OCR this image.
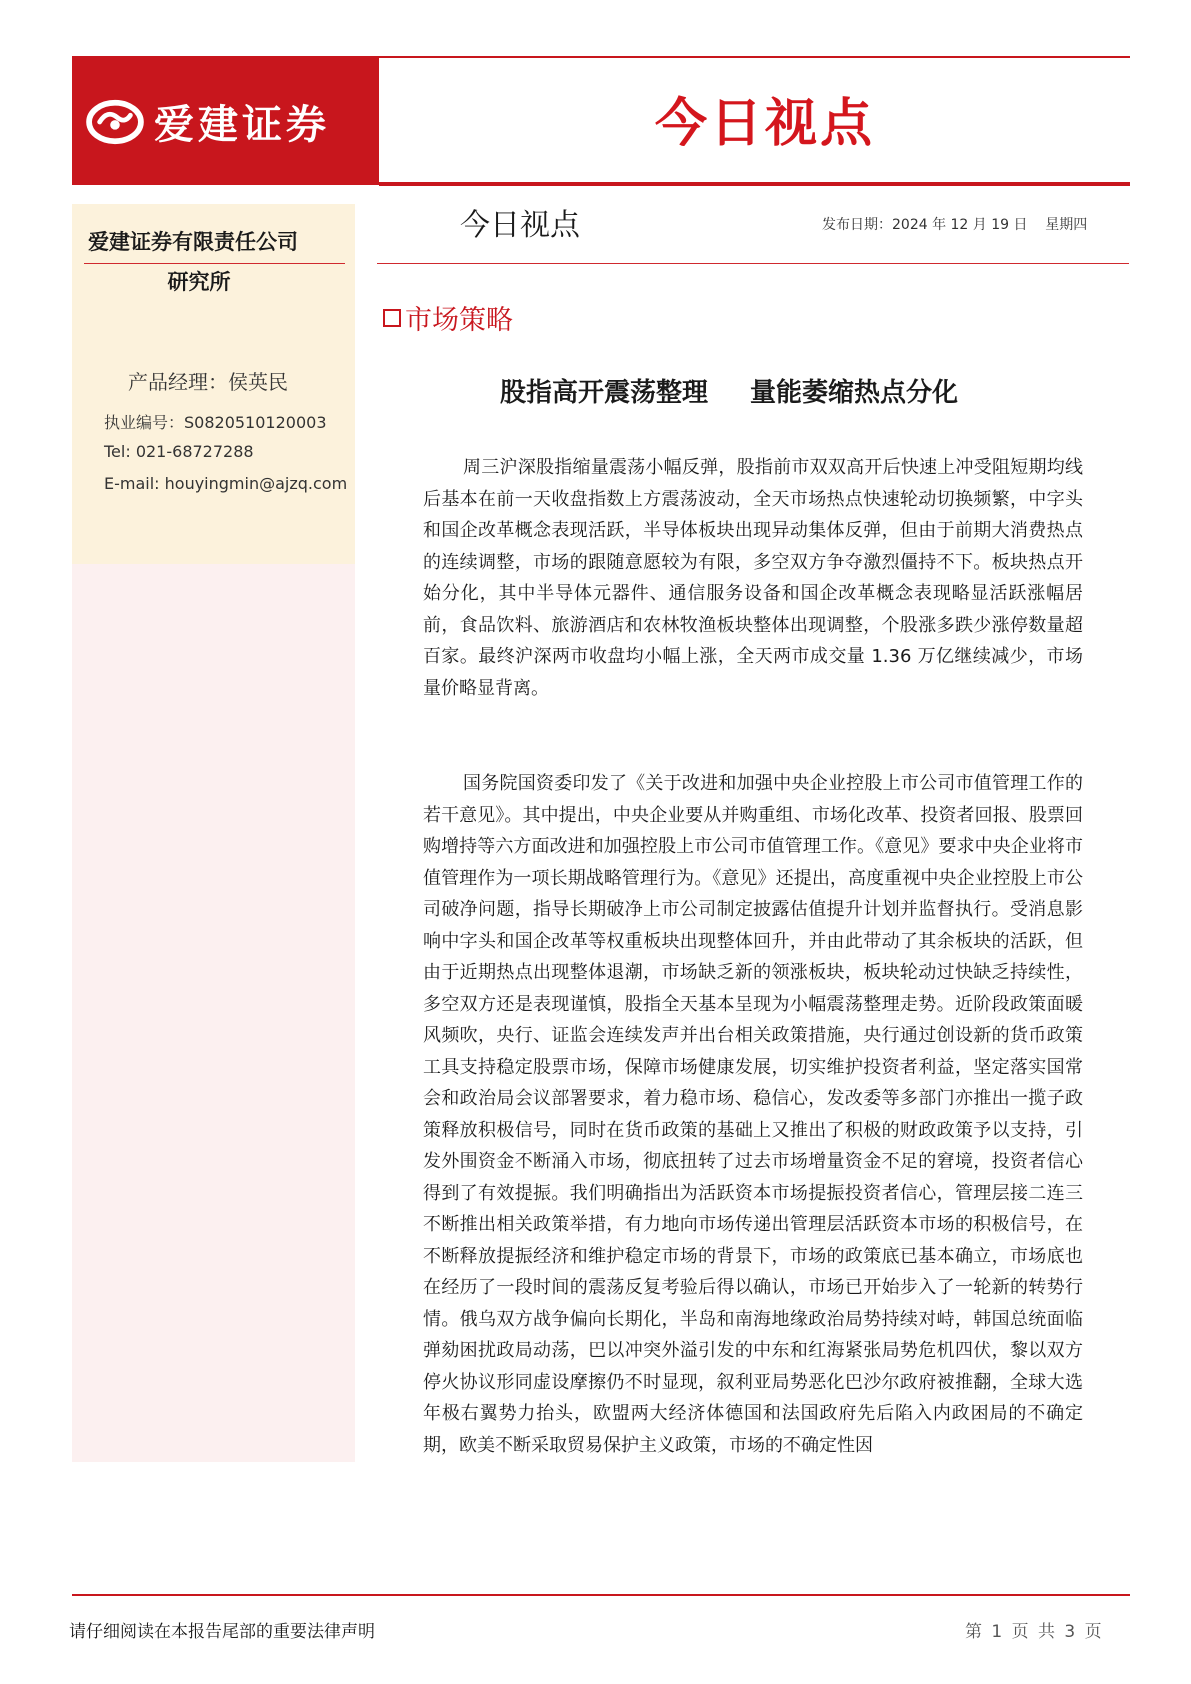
爱建证券	今日视点
爱建证券有限责任公司
研究所
产品经理：侯英民
执业编号：S0820510120003
Tel: 021-68727288
E-mail: houyingmin@ajzq.com
今日视点	发布日期：2024 年 12 月 19 日    星期四
市场策略
股指高开震荡整理 量能萎缩热点分化

周三沪深股指缩量震荡小幅反弹，股指前市双双高开后快速上冲受阻短期均线后基本在前一天收盘指数上方震荡波动，全天市场热点快速轮动切换频繁，中字头和国企改革概念表现活跃，半导体板块出现异动集体反弹，但由于前期大消费热点的连续调整，市场的跟随意愿较为有限，多空双方争夺激烈僵持不下。板块热点开始分化，其中半导体元器件、通信服务设备和国企改革概念表现略显活跃涨幅居前，食品饮料、旅游酒店和农林牧渔板块整体出现调整，个股涨多跌少涨停数量超百家。最终沪深两市收盘均小幅上涨，全天两市成交量 1.36 万亿继续减少，市场量价略显背离。

国务院国资委印发了《关于改进和加强中央企业控股上市公司市值管理工作的若干意见》。其中提出，中央企业要从并购重组、市场化改革、投资者回报、股票回购增持等六方面改进和加强控股上市公司市值管理工作。《意见》要求中央企业将市值管理作为一项长期战略管理行为。《意见》还提出，高度重视中央企业控股上市公司破净问题，指导长期破净上市公司制定披露估值提升计划并监督执行。受消息影响中字头和国企改革等权重板块出现整体回升，并由此带动了其余板块的活跃，但由于近期热点出现整体退潮，市场缺乏新的领涨板块，板块轮动过快缺乏持续性，多空双方还是表现谨慎，股指全天基本呈现为小幅震荡整理走势。近阶段政策面暖风频吹，央行、证监会连续发声并出台相关政策措施，央行通过创设新的货币政策工具支持稳定股票市场，保障市场健康发展，切实维护投资者利益，坚定落实国常会和政治局会议部署要求，着力稳市场、稳信心，发改委等多部门亦推出一揽子政策释放积极信号，同时在货币政策的基础上又推出了积极的财政政策予以支持，引发外围资金不断涌入市场，彻底扭转了过去市场增量资金不足的窘境，投资者信心得到了有效提振。我们明确指出为活跃资本市场提振投资者信心，管理层接二连三不断推出相关政策举措，有力地向市场传递出管理层活跃资本市场的积极信号，在不断释放提振经济和维护稳定市场的背景下，市场的政策底已基本确立，市场底也在经历了一段时间的震荡反复考验后得以确认，市场已开始步入了一轮新的转势行情。俄乌双方战争偏向长期化，半岛和南海地缘政治局势持续对峙，韩国总统面临弹劾困扰政局动荡，巴以冲突外溢引发的中东和红海紧张局势危机四伏，黎以双方停火协议形同虚设摩擦仍不时显现，叙利亚局势恶化巴沙尔政府被推翻，全球大选年极右翼势力抬头，欧盟两大经济体德国和法国政府先后陷入内政困局的不确定期，欧美不断采取贸易保护主义政策，市场的不确定性因

请仔细阅读在本报告尾部的重要法律声明	第 1 页 共 3 页
